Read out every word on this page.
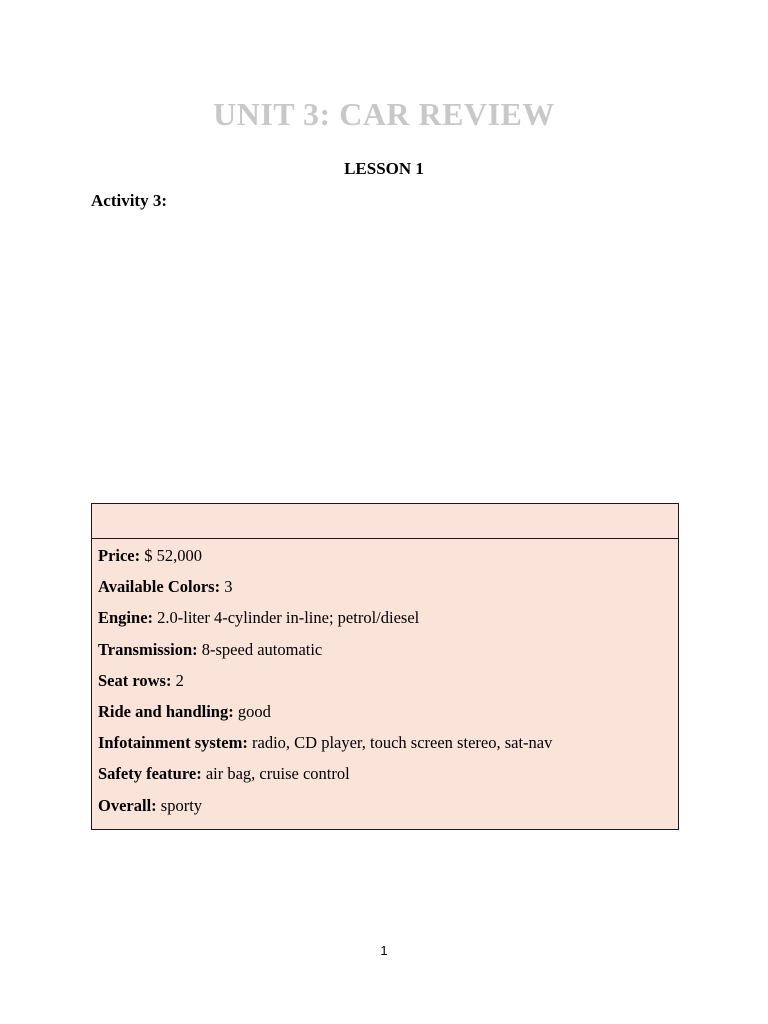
UNIT 3: CAR REVIEW
LESSON 1
Activity 3:
Price: $ 52,000
Available Colors: 3
Engine: 2.0-liter 4-cylinder in-line; petrol/diesel
Transmission: 8-speed automatic
Seat rows: 2
Ride and handling: good
Infotainment system: radio, CD player, touch screen stereo, sat-nav
Safety feature: air bag, cruise control
Overall: sporty
1
